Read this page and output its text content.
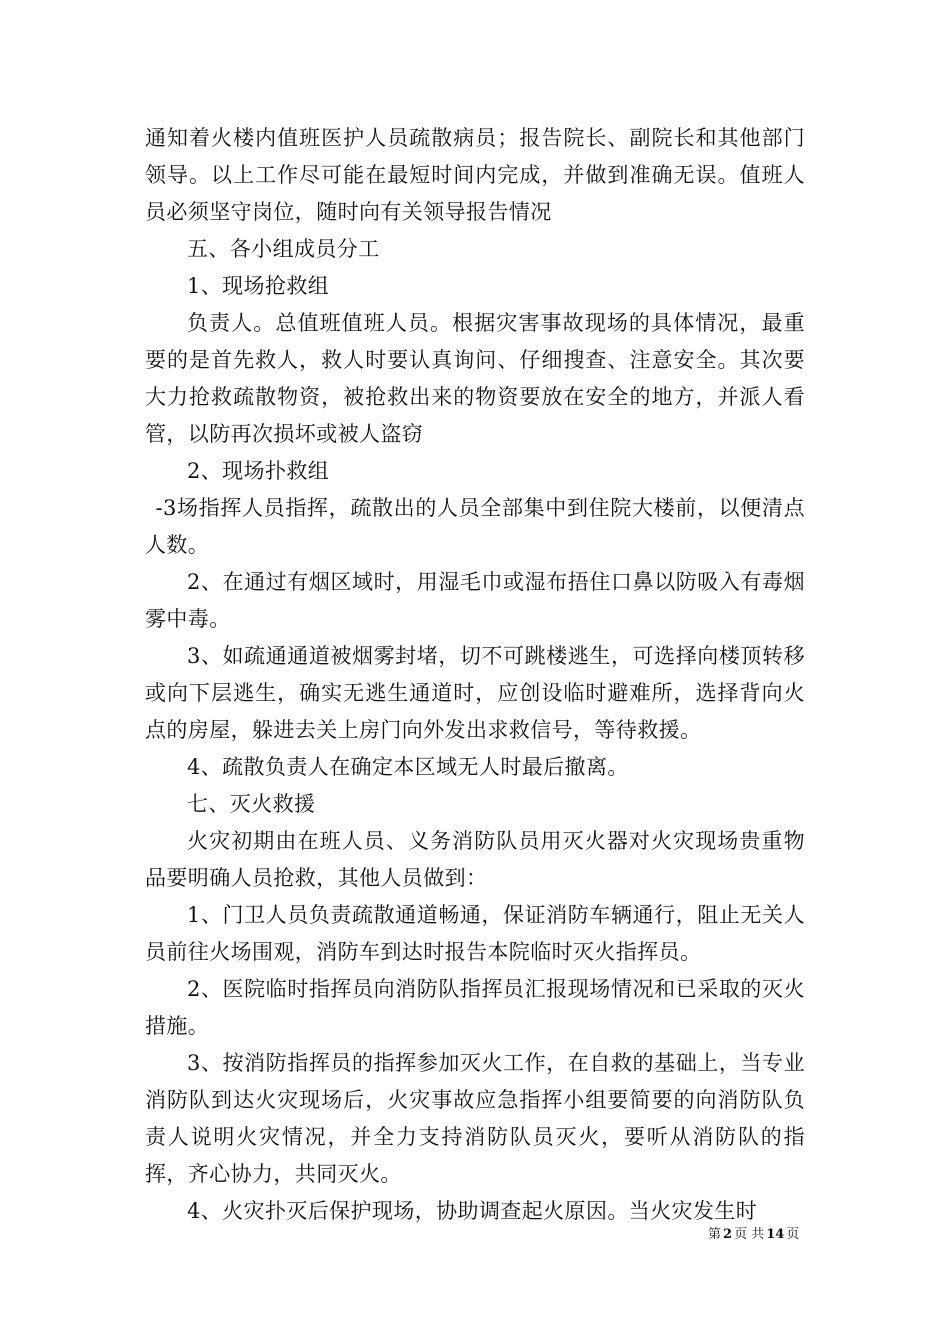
通知着火楼内值班医护人员疏散病员；报告院长、副院长和其他部门领导。以上工作尽可能在最短时间内完成，并做到准确无误。值班人员必须坚守岗位，随时向有关领导报告情况

五、各小组成员分工

1、现场抢救组

负责人。总值班值班人员。根据灾害事故现场的具体情况，最重要的是首先救人，救人时要认真询问、仔细搜查、注意安全。其次要大力抢救疏散物资，被抢救出来的物资要放在安全的地方，并派人看管，以防再次损坏或被人盗窃

2、现场扑救组

-3场指挥人员指挥，疏散出的人员全部集中到住院大楼前，以便清点人数。

2、在通过有烟区域时，用湿毛巾或湿布捂住口鼻以防吸入有毒烟雾中毒。

3、如疏通通道被烟雾封堵，切不可跳楼逃生，可选择向楼顶转移或向下层逃生，确实无逃生通道时，应创设临时避难所，选择背向火点的房屋，躲进去关上房门向外发出求救信号，等待救援。

4、疏散负责人在确定本区域无人时最后撤离。

七、灭火救援

火灾初期由在班人员、义务消防队员用灭火器对火灾现场贵重物品要明确人员抢救，其他人员做到：

1、门卫人员负责疏散通道畅通，保证消防车辆通行，阻止无关人员前往火场围观，消防车到达时报告本院临时灭火指挥员。

2、医院临时指挥员向消防队指挥员汇报现场情况和已采取的灭火措施。

3、按消防指挥员的指挥参加灭火工作，在自救的基础上，当专业消防队到达火灾现场后，火灾事故应急指挥小组要简要的向消防队负责人说明火灾情况，并全力支持消防队员灭火，要听从消防队的指挥，齐心协力，共同灭火。

4、火灾扑灭后保护现场，协助调查起火原因。当火灾发生时

第 2 页 共 14 页
